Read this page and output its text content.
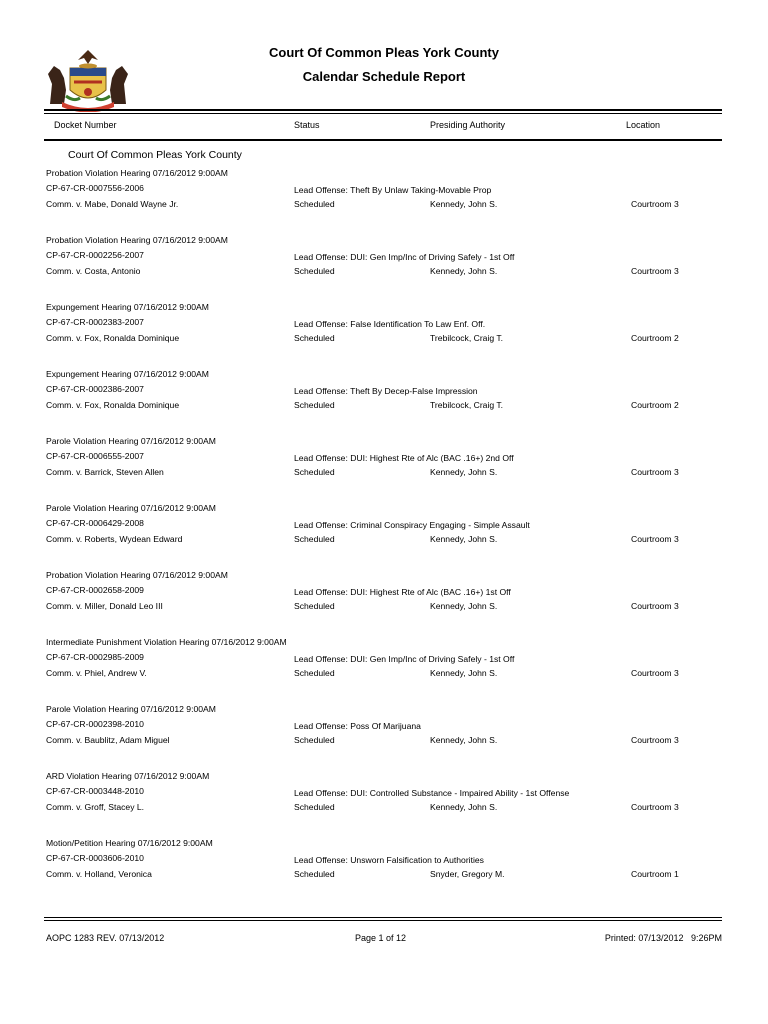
Court Of Common Pleas York County
Calendar Schedule Report
Docket Number	Status	Presiding Authority	Location
Court Of Common Pleas York County
Probation Violation Hearing 07/16/2012 9:00AM
CP-67-CR-0007556-2006
Comm. v. Mabe, Donald Wayne Jr.
Lead Offense: Theft By Unlaw Taking-Movable Prop
Scheduled	Kennedy, John S.	Courtroom 3
Probation Violation Hearing 07/16/2012 9:00AM
CP-67-CR-0002256-2007
Comm. v. Costa, Antonio
Lead Offense: DUI: Gen Imp/Inc of Driving Safely - 1st Off
Scheduled	Kennedy, John S.	Courtroom 3
Expungement Hearing 07/16/2012 9:00AM
CP-67-CR-0002383-2007
Comm. v. Fox, Ronalda Dominique
Lead Offense: False Identification To Law Enf. Off.
Scheduled	Trebilcock, Craig T.	Courtroom 2
Expungement Hearing 07/16/2012 9:00AM
CP-67-CR-0002386-2007
Comm. v. Fox, Ronalda Dominique
Lead Offense: Theft By Decep-False Impression
Scheduled	Trebilcock, Craig T.	Courtroom 2
Parole Violation Hearing 07/16/2012 9:00AM
CP-67-CR-0006555-2007
Comm. v. Barrick, Steven Allen
Lead Offense: DUI: Highest Rte of Alc (BAC .16+) 2nd Off
Scheduled	Kennedy, John S.	Courtroom 3
Parole Violation Hearing 07/16/2012 9:00AM
CP-67-CR-0006429-2008
Comm. v. Roberts, Wydean Edward
Lead Offense: Criminal Conspiracy Engaging - Simple Assault
Scheduled	Kennedy, John S.	Courtroom 3
Probation Violation Hearing 07/16/2012 9:00AM
CP-67-CR-0002658-2009
Comm. v. Miller, Donald Leo III
Lead Offense: DUI: Highest Rte of Alc (BAC .16+) 1st Off
Scheduled	Kennedy, John S.	Courtroom 3
Intermediate Punishment Violation Hearing 07/16/2012 9:00AM
CP-67-CR-0002985-2009
Comm. v. Phiel, Andrew V.
Lead Offense: DUI: Gen Imp/Inc of Driving Safely - 1st Off
Scheduled	Kennedy, John S.	Courtroom 3
Parole Violation Hearing 07/16/2012 9:00AM
CP-67-CR-0002398-2010
Comm. v. Baublitz, Adam Miguel
Lead Offense: Poss Of Marijuana
Scheduled	Kennedy, John S.	Courtroom 3
ARD Violation Hearing 07/16/2012 9:00AM
CP-67-CR-0003448-2010
Comm. v. Groff, Stacey L.
Lead Offense: DUI: Controlled Substance - Impaired Ability - 1st Offense
Scheduled	Kennedy, John S.	Courtroom 3
Motion/Petition Hearing 07/16/2012 9:00AM
CP-67-CR-0003606-2010
Comm. v. Holland, Veronica
Lead Offense: Unsworn Falsification to Authorities
Scheduled	Snyder, Gregory M.	Courtroom 1
AOPC 1283 REV. 07/13/2012	Page 1 of 12	Printed: 07/13/2012   9:26PM
